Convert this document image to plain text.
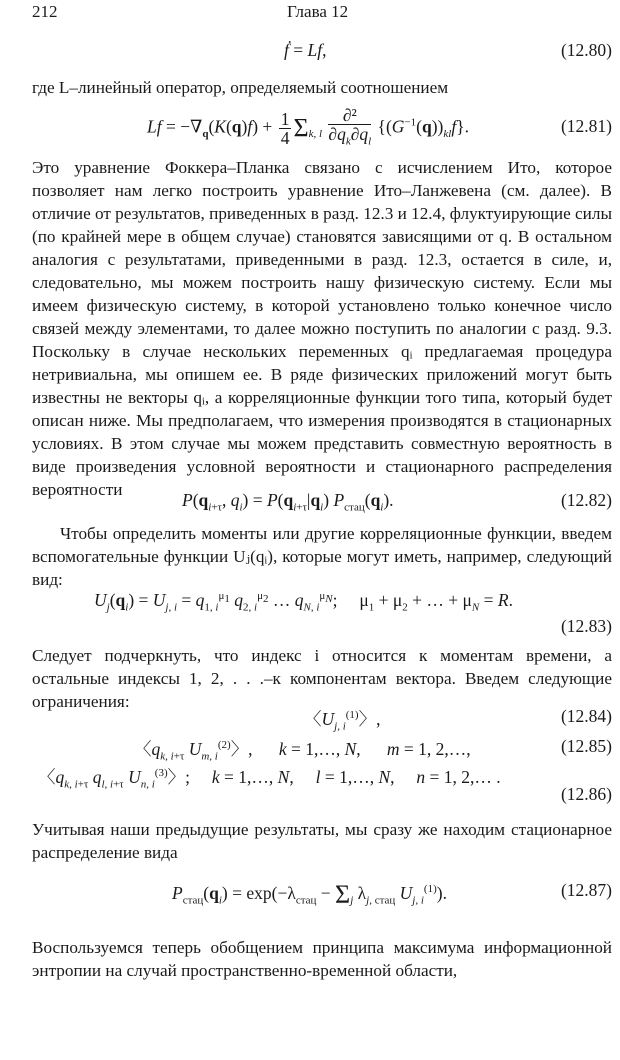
212	Глава 12
ḟ = Lf,	(12.80)

где L–линейный оператор, определяемый соотношением

$Lf = -\nabla_q(K(q)f) + \frac{1}{4} \Sigma_{k, l} \frac{\text{∂²}}{\partial q_k\partial q_l} \{(G^{-1}(q))_{kl}f\}$.	(12.81)

Это уравнение Фоккера–Планка связано с исчислением Ито, которое позволяет нам легко построить уравнение Ито–Ланжевена (см. далее). В отличие от результатов, приведенных в разд. 12.3 и 12.4, флуктуирующие силы (по крайней мере в общем случае) становятся зависящими от q. В остальном аналогия с результатами, приведенными в разд. 12.3, остается в силе, и, следовательно, мы можем построить нашу физическую систему. Если мы имеем физическую систему, в которой установлено только конечное число связей между элементами, то далее можно поступить по аналогии с разд. 9.3. Поскольку в случае нескольких переменных qᵢ предлагаемая процедура нетривиальна, мы опишем ее. В ряде физических приложений могут быть известны не векторы qᵢ, а корреляционные функции того типа, который будет описан ниже. Мы предполагаем, что измерения производятся в стационарных условиях. В этом случае мы можем представить совместную вероятность в виде произведения условной вероятности и стационарного распределения вероятности

$P(q_{i+\tau}$, $q_i) = P(q_{i+\tau}|q_i)$ $P_{стац}(q_i)$.	(12.82)

Чтобы определить моменты или другие корреляционные функции, введем вспомогательные функции Uⱼ(qᵢ), которые могут иметь, например, следующий вид:

$U_j(q_i) = U_{j, i} = q_{1, i}^{\mu_1}$ $q_{2, i}^{\mu_2}$ … $q_{N, i}^{\mu_N}$;     $\mu_1 + \mu_2$ + … + $\mu_N = R$.
(12.83)

Следует подчеркнуть, что индекс i относится к моментам времени, а остальные индексы 1, 2, . . .–к компонентам вектора. Введем следующие ограничения:

〈$U_{j, i}^{(1)}$〉,	(12.84)
〈$q_{k, i+\tau}$ $U_{m, i}^{(2)}$〉,      k = 1,…, N,      m = 1, 2,…,	(12.85)
〈$q_{k, i+\tau}$ $q_{l, i+\tau}$ $U_{n, i}^{(3)}$〉;     k = 1,…, N,     l = 1,…, N,     n = 1, 2,… .
(12.86)

Учитывая наши предыдущие результаты, мы сразу же находим стационарное распределение вида

$P_{стац}(q_i) = \exp(-\lambda_{стац} - \Sigma_j$ $\lambda_{j, стац}$ $U_{j, i}^{(1)}$).	(12.87)

Воспользуемся теперь обобщением принципа максимума информационной энтропии на случай пространственно-временной области,
